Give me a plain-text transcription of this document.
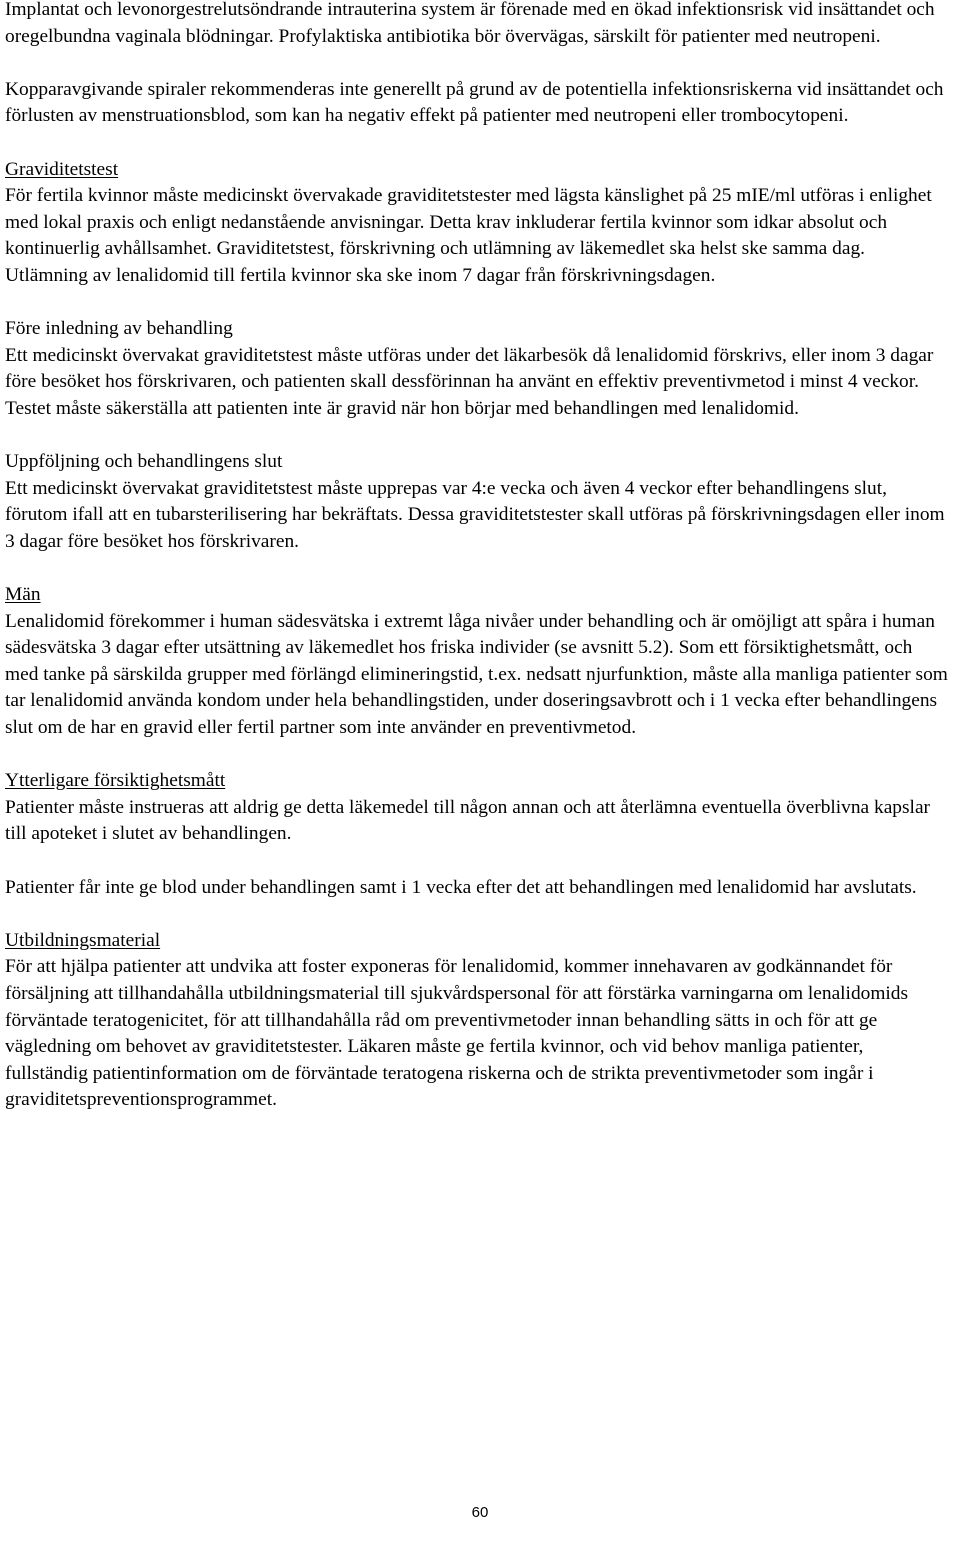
Implantat och levonorgestrelutsöndrande intrauterina system är förenade med en ökad infektionsrisk vid insättandet och oregelbundna vaginala blödningar. Profylaktiska antibiotika bör övervägas, särskilt för patienter med neutropeni.

Kopparavgivande spiraler rekommenderas inte generellt på grund av de potentiella infektionsriskerna vid insättandet och förlusten av menstruationsblod, som kan ha negativ effekt på patienter med neutropeni eller trombocytopeni.

Graviditetstest

För fertila kvinnor måste medicinskt övervakade graviditetstester med lägsta känslighet på 25 mIE/ml utföras i enlighet med lokal praxis och enligt nedanstående anvisningar. Detta krav inkluderar fertila kvinnor som idkar absolut och kontinuerlig avhållsamhet. Graviditetstest, förskrivning och utlämning av läkemedlet ska helst ske samma dag. Utlämning av lenalidomid till fertila kvinnor ska ske inom 7 dagar från förskrivningsdagen.

Före inledning av behandling

Ett medicinskt övervakat graviditetstest måste utföras under det läkarbesök då lenalidomid förskrivs, eller inom 3 dagar före besöket hos förskrivaren, och patienten skall dessförinnan ha använt en effektiv preventivmetod i minst 4 veckor. Testet måste säkerställa att patienten inte är gravid när hon börjar med behandlingen med lenalidomid.

Uppföljning och behandlingens slut

Ett medicinskt övervakat graviditetstest måste upprepas var 4:e vecka och även 4 veckor efter behandlingens slut, förutom ifall att en tubarsterilisering har bekräftats. Dessa graviditetstester skall utföras på förskrivningsdagen eller inom 3 dagar före besöket hos förskrivaren.

Män

Lenalidomid förekommer i human sädesvätska i extremt låga nivåer under behandling och är omöjligt att spåra i human sädesvätska 3 dagar efter utsättning av läkemedlet hos friska individer (se avsnitt 5.2). Som ett försiktighetsmått, och med tanke på särskilda grupper med förlängd elimineringstid, t.ex. nedsatt njurfunktion, måste alla manliga patienter som tar lenalidomid använda kondom under hela behandlingstiden, under doseringsavbrott och i 1 vecka efter behandlingens slut om de har en gravid eller fertil partner som inte använder en preventivmetod.

Ytterligare försiktighetsmått

Patienter måste instrueras att aldrig ge detta läkemedel till någon annan och att återlämna eventuella överblivna kapslar till apoteket i slutet av behandlingen.

Patienter får inte ge blod under behandlingen samt i 1 vecka efter det att behandlingen med lenalidomid har avslutats.

Utbildningsmaterial

För att hjälpa patienter att undvika att foster exponeras för lenalidomid, kommer innehavaren av godkännandet för försäljning att tillhandahålla utbildningsmaterial till sjukvårdspersonal för att förstärka varningarna om lenalidomids förväntade teratogenicitet, för att tillhandahålla råd om preventivmetoder innan behandling sätts in och för att ge vägledning om behovet av graviditetstester. Läkaren måste ge fertila kvinnor, och vid behov manliga patienter, fullständig patientinformation om de förväntade teratogena riskerna och de strikta preventivmetoder som ingår i graviditetspreventionsprogrammet.

60
